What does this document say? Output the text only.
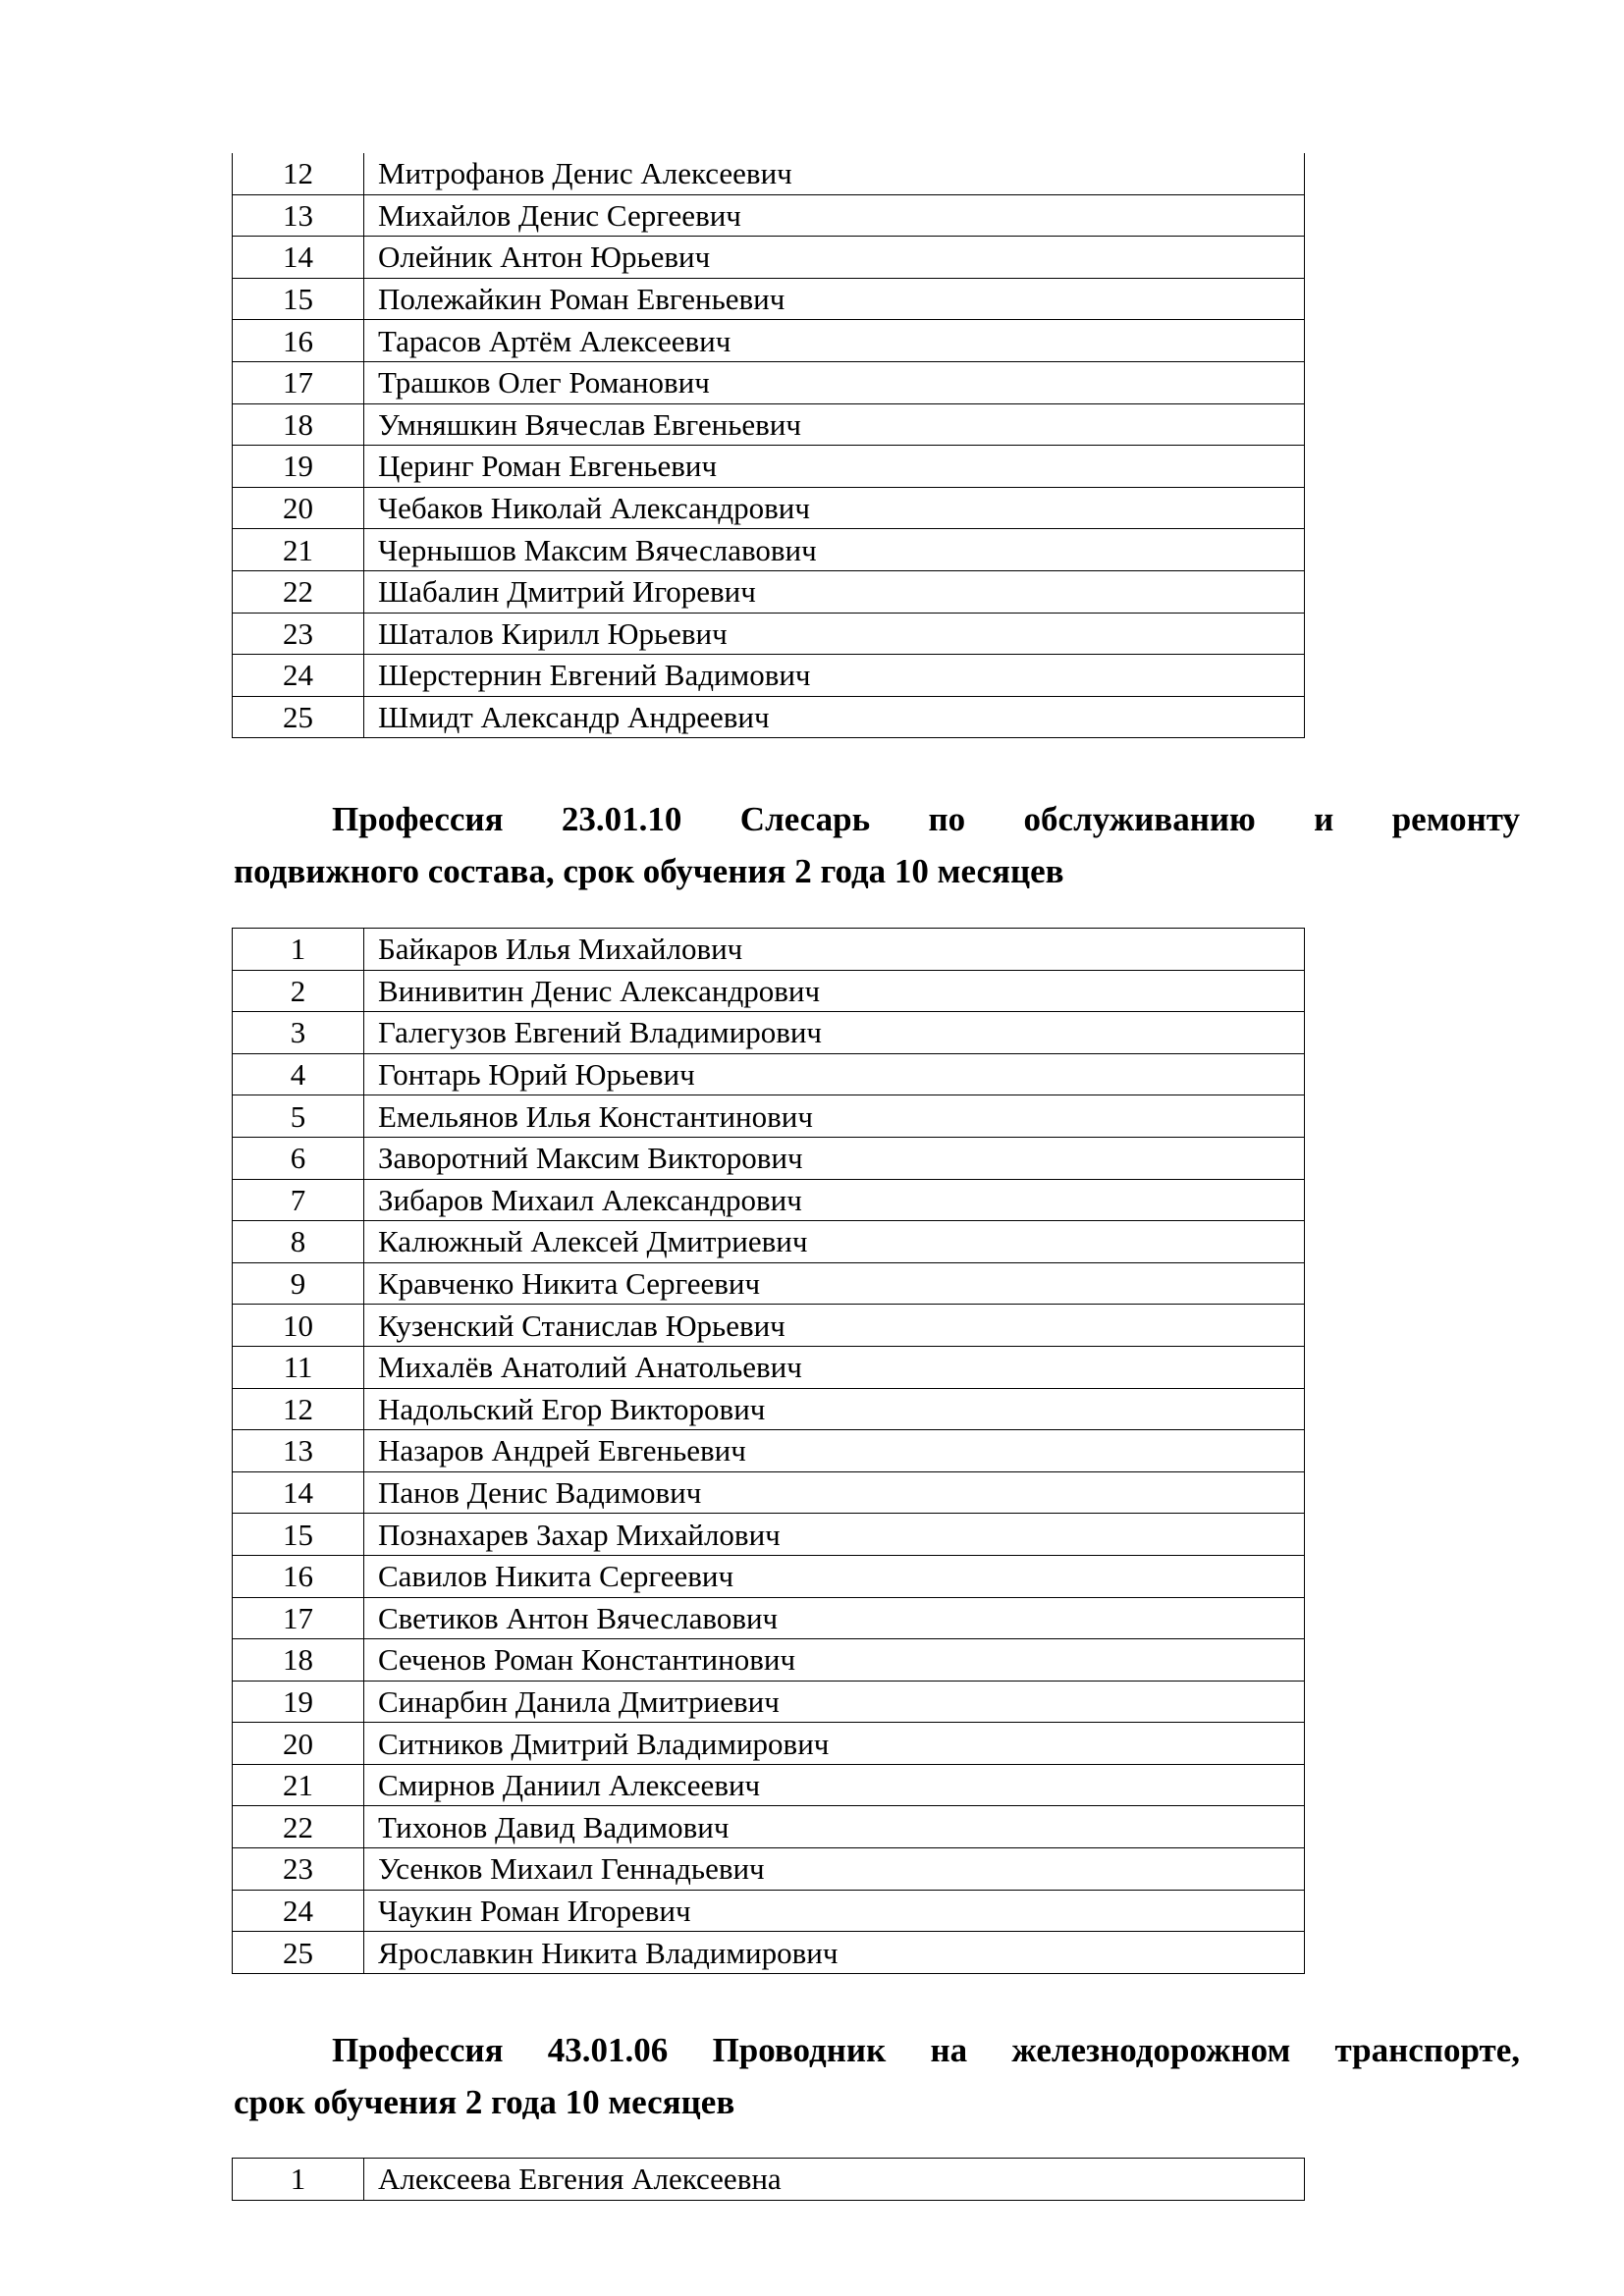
12	Митрофанов Денис Алексеевич
13	Михайлов Денис Сергеевич
14	Олейник Антон Юрьевич
15	Полежайкин Роман Евгеньевич
16	Тарасов Артём Алексеевич
17	Трашков Олег Романович
18	Умняшкин Вячеслав Евгеньевич
19	Церинг Роман Евгеньевич
20	Чебаков Николай Александрович
21	Чернышов Максим Вячеславович
22	Шабалин Дмитрий Игоревич
23	Шаталов Кирилл Юрьевич
24	Шерстернин Евгений Вадимович
25	Шмидт Александр Андреевич
Профессия 23.01.10 Слесарь по обслуживанию и ремонту
подвижного состава, срок обучения 2 года 10 месяцев
1	Байкаров Илья Михайлович
2	Винивитин Денис Александрович
3	Галегузов Евгений Владимирович
4	Гонтарь Юрий Юрьевич
5	Емельянов Илья Константинович
6	Заворотний Максим Викторович
7	Зибаров Михаил Александрович
8	Калюжный Алексей Дмитриевич
9	Кравченко Никита Сергеевич
10	Кузенский Станислав Юрьевич
11	Михалёв Анатолий Анатольевич
12	Надольский Егор Викторович
13	Назаров Андрей Евгеньевич
14	Панов Денис Вадимович
15	Познахарев Захар Михайлович
16	Савилов Никита Сергеевич
17	Светиков Антон Вячеславович
18	Сеченов Роман Константинович
19	Синарбин Данила Дмитриевич
20	Ситников Дмитрий Владимирович
21	Смирнов Даниил Алексеевич
22	Тихонов Давид Вадимович
23	Усенков Михаил Геннадьевич
24	Чаукин Роман Игоревич
25	Ярославкин Никита Владимирович
Профессия 43.01.06 Проводник на железнодорожном транспорте,
срок обучения 2 года 10 месяцев
1	Алексеева Евгения Алексеевна
